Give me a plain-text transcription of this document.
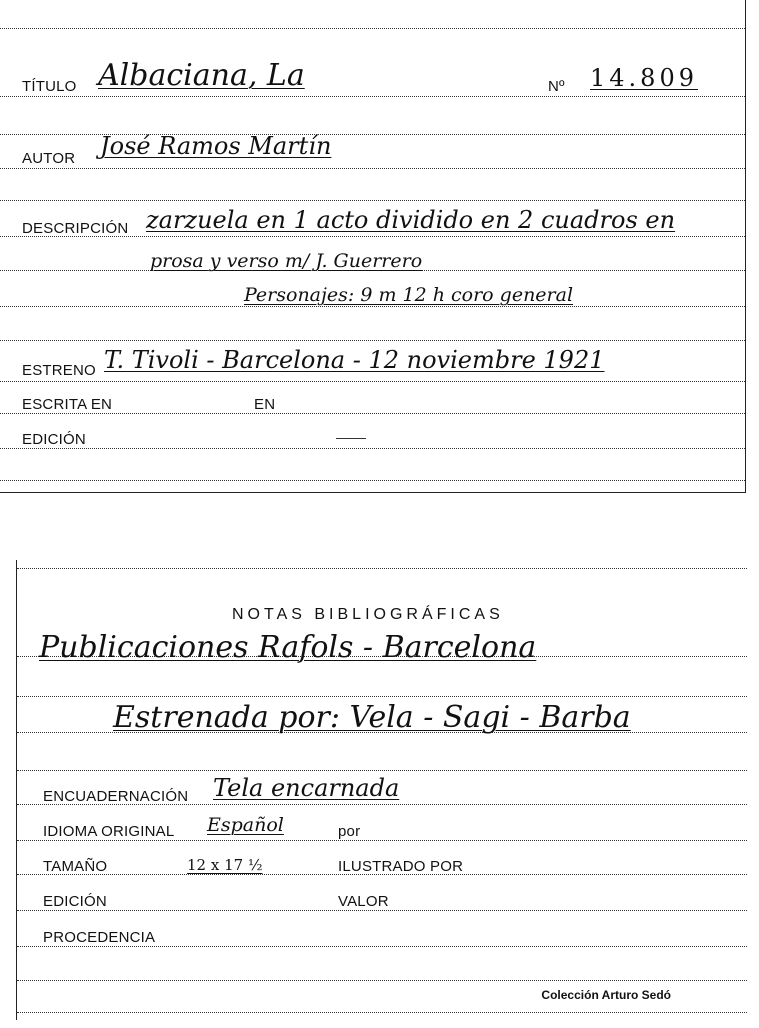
TÍTULO Albaciana, La	Nº 14.809
AUTOR José Ramos Martín
DESCRIPCIÓN zarzuela en 1 acto dividido en 2 cuadros en
prosa y verso m/ J. Guerrero
Personajes: 9 m 12 h coro general
ESTRENO T. Tivoli - Barcelona - 12 noviembre 1921
ESCRITA EN	EN
EDICIÓN
NOTAS BIBLIOGRÁFICAS
Publicaciones Rafols - Barcelona
Estrenada por: Vela - Sagi - Barba
ENCUADERNACIÓN Tela encarnada
IDIOMA ORIGINAL Español	por
TAMAÑO	12 x 17 ½	ILUSTRADO POR
EDICIÓN	VALOR
PROCEDENCIA
Colección Arturo Sedó
